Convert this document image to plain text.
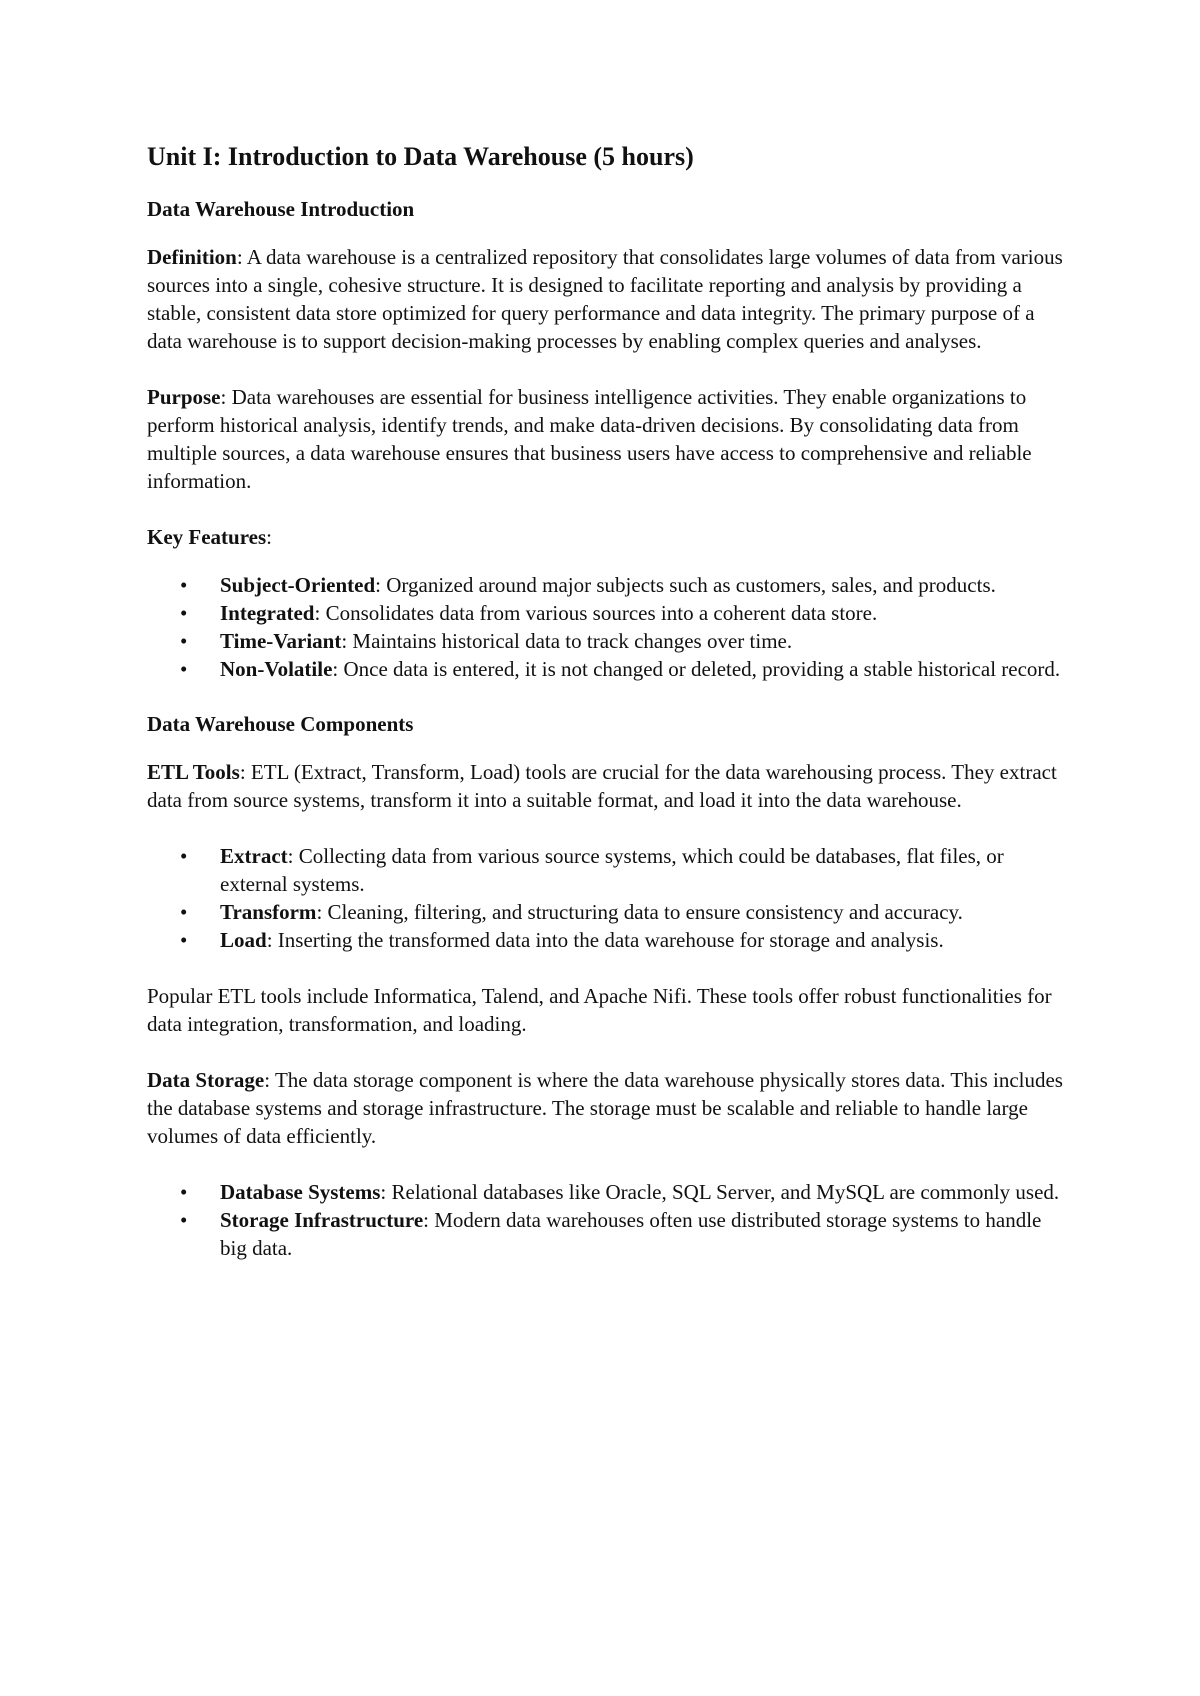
Unit I: Introduction to Data Warehouse (5 hours)
Data Warehouse Introduction

Definition: A data warehouse is a centralized repository that consolidates large volumes of data from various sources into a single, cohesive structure. It is designed to facilitate reporting and analysis by providing a stable, consistent data store optimized for query performance and data integrity. The primary purpose of a data warehouse is to support decision-making processes by enabling complex queries and analyses.

Purpose: Data warehouses are essential for business intelligence activities. They enable organizations to perform historical analysis, identify trends, and make data-driven decisions. By consolidating data from multiple sources, a data warehouse ensures that business users have access to comprehensive and reliable information.

Key Features:

• Subject-Oriented: Organized around major subjects such as customers, sales, and products.
• Integrated: Consolidates data from various sources into a coherent data store.
• Time-Variant: Maintains historical data to track changes over time.
• Non-Volatile: Once data is entered, it is not changed or deleted, providing a stable historical record.
Data Warehouse Components

ETL Tools: ETL (Extract, Transform, Load) tools are crucial for the data warehousing process. They extract data from source systems, transform it into a suitable format, and load it into the data warehouse.

• Extract: Collecting data from various source systems, which could be databases, flat files, or external systems.
• Transform: Cleaning, filtering, and structuring data to ensure consistency and accuracy.
• Load: Inserting the transformed data into the data warehouse for storage and analysis.

Popular ETL tools include Informatica, Talend, and Apache Nifi. These tools offer robust functionalities for data integration, transformation, and loading.

Data Storage: The data storage component is where the data warehouse physically stores data. This includes the database systems and storage infrastructure. The storage must be scalable and reliable to handle large volumes of data efficiently.

• Database Systems: Relational databases like Oracle, SQL Server, and MySQL are commonly used.
• Storage Infrastructure: Modern data warehouses often use distributed storage systems to handle big data.
